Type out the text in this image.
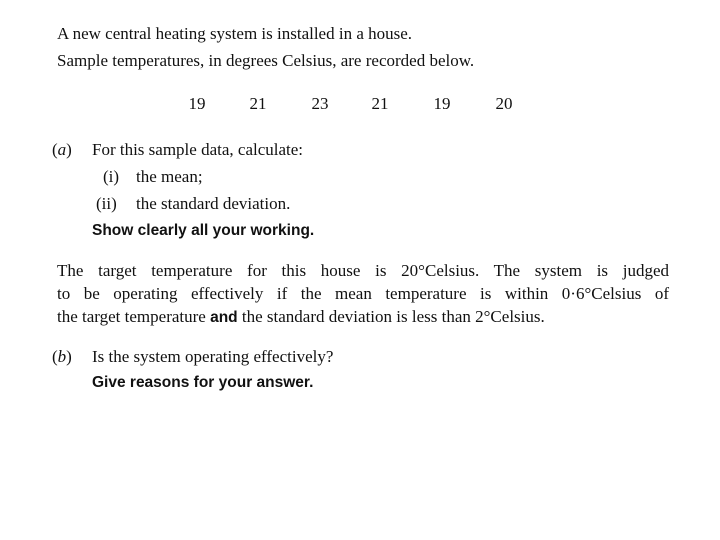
A new central heating system is installed in a house.
Sample temperatures, in degrees Celsius, are recorded below.
19	21	23	21	19	20
(a) For this sample data, calculate:
(i) the mean;
(ii) the standard deviation.
Show clearly all your working.
The target temperature for this house is 20°Celsius. The system is judged
to be operating effectively if the mean temperature is within 0·6°Celsius of
the target temperature and the standard deviation is less than 2°Celsius.
(b) Is the system operating effectively?
Give reasons for your answer.
